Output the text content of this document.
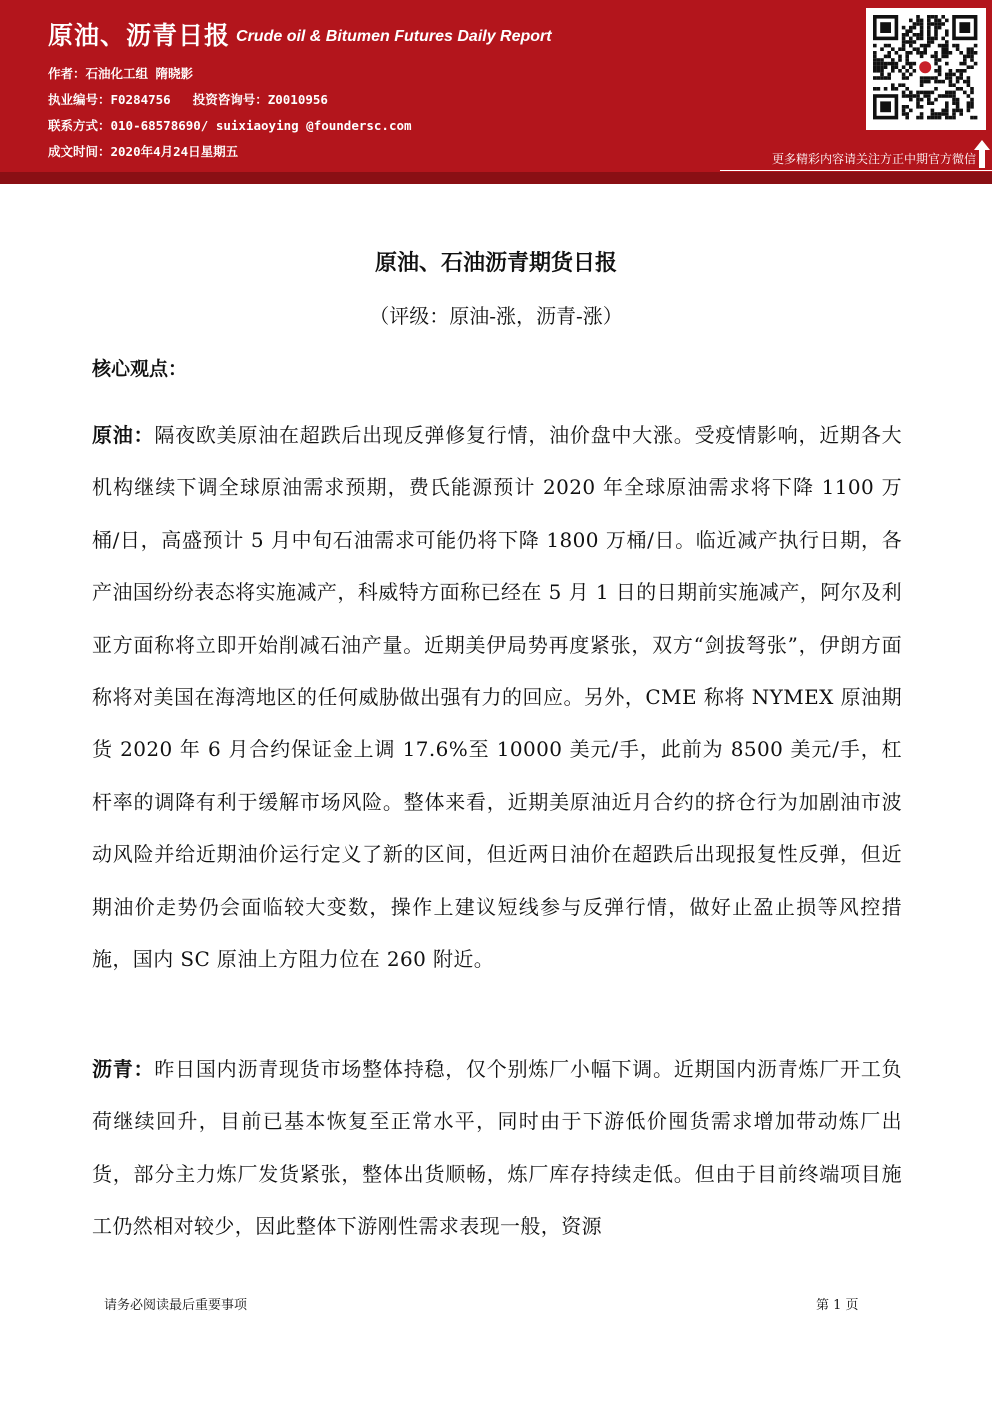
原油、沥青日报 Crude oil & Bitumen Futures Daily Report
作者：石油化工组 隋晓影
执业编号：F0284756 投资咨询号：Z0010956
联系方式：010-68578690/ suixiaoying @foundersc.com
成文时间：2020年4月24日星期五	更多精彩内容请关注方正中期官方微信
原油、石油沥青期货日报
（评级：原油-涨，沥青-涨）
核心观点：
原油：隔夜欧美原油在超跌后出现反弹修复行情，油价盘中大涨。受疫情影响，近期各大机构继续下调全球原油需求预期，费氏能源预计 2020 年全球原油需求将下降 1100 万桶/日，高盛预计 5 月中旬石油需求可能仍将下降 1800 万桶/日。临近减产执行日期，各产油国纷纷表态将实施减产，科威特方面称已经在 5 月 1 日的日期前实施减产，阿尔及利亚方面称将立即开始削减石油产量。近期美伊局势再度紧张，双方“剑拔弩张”，伊朗方面称将对美国在海湾地区的任何威胁做出强有力的回应。另外，CME 称将 NYMEX 原油期货 2020 年 6 月合约保证金上调 17.6%至 10000 美元/手，此前为 8500 美元/手，杠杆率的调降有利于缓解市场风险。整体来看，近期美原油近月合约的挤仓行为加剧油市波动风险并给近期油价运行定义了新的区间，但近两日油价在超跌后出现报复性反弹，但近期油价走势仍会面临较大变数，操作上建议短线参与反弹行情，做好止盈止损等风控措施，国内 SC 原油上方阻力位在 260 附近。
沥青：昨日国内沥青现货市场整体持稳，仅个别炼厂小幅下调。近期国内沥青炼厂开工负荷继续回升，目前已基本恢复至正常水平，同时由于下游低价囤货需求增加带动炼厂出货，部分主力炼厂发货紧张，整体出货顺畅，炼厂库存持续走低。但由于目前终端项目施工仍然相对较少，因此整体下游刚性需求表现一般，资源
请务必阅读最后重要事项	第 1 页
